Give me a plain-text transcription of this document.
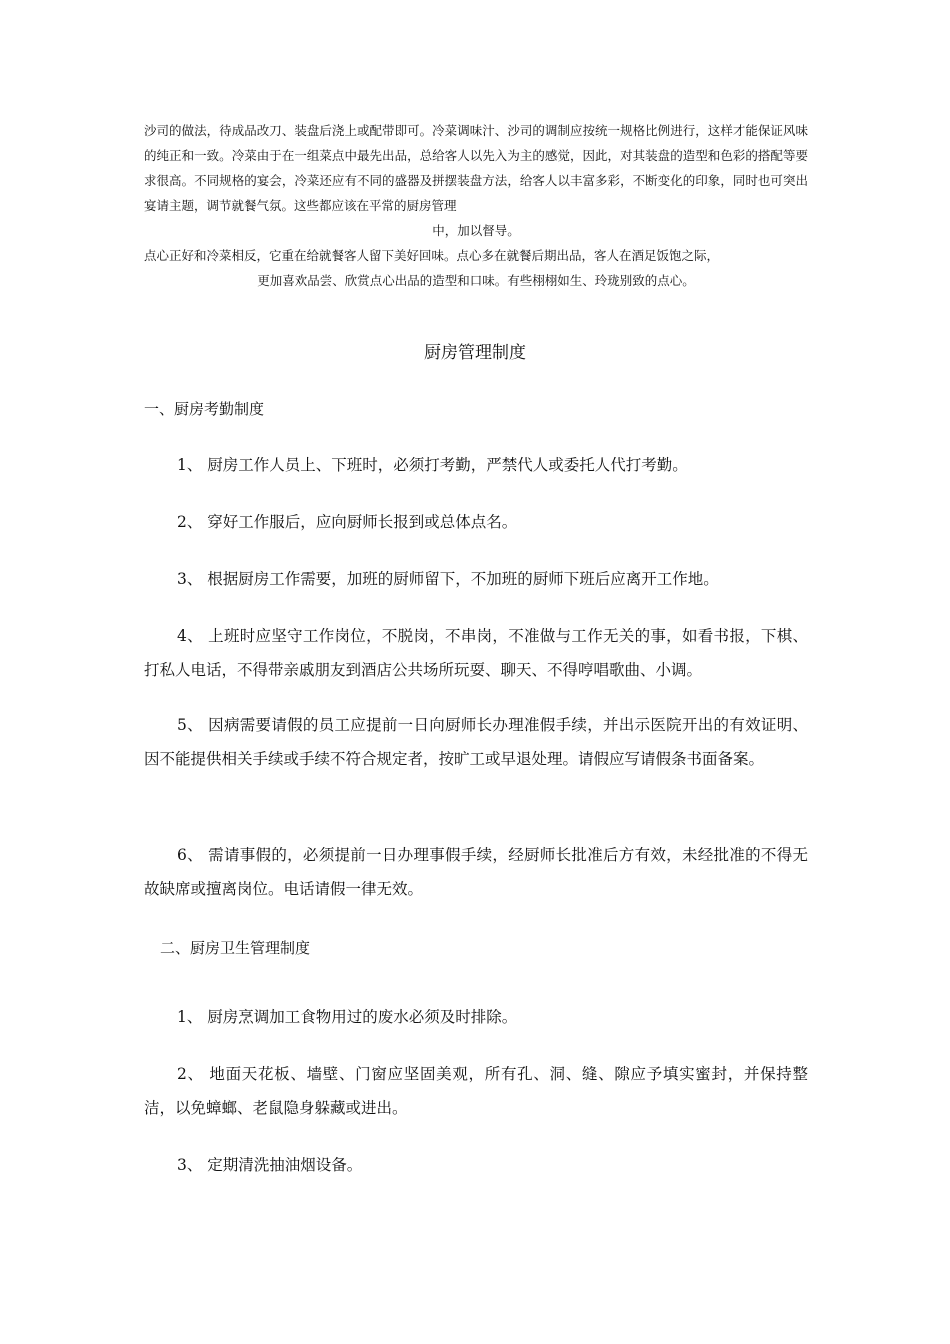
沙司的做法，待成品改刀、装盘后浇上或配带即可。冷菜调味汁、沙司的调制应按统一规格比例进行，这样才能保证风味的纯正和一致。冷菜由于在一组菜点中最先出品，总给客人以先入为主的感觉，因此，对其装盘的造型和色彩的搭配等要求很高。不同规格的宴会，冷菜还应有不同的盛器及拼摆装盘方法，给客人以丰富多彩，不断变化的印象，同时也可突出宴请主题，调节就餐气氛。这些都应该在平常的厨房管理

中，加以督导。

点心正好和冷菜相反，它重在给就餐客人留下美好回味。点心多在就餐后期出品，客人在酒足饭饱之际，

更加喜欢品尝、欣赏点心出品的造型和口味。有些栩栩如生、玲珑别致的点心。

厨房管理制度
一、厨房考勤制度

1、 厨房工作人员上、下班时，必须打考勤，严禁代人或委托人代打考勤。

2、 穿好工作服后，应向厨师长报到或总体点名。

3、 根据厨房工作需要，加班的厨师留下，不加班的厨师下班后应离开工作地。

4、 上班时应坚守工作岗位，不脱岗，不串岗，不准做与工作无关的事，如看书报，下棋、打私人电话，不得带亲戚朋友到酒店公共场所玩耍、聊天、不得哼唱歌曲、小调。

5、 因病需要请假的员工应提前一日向厨师长办理准假手续，并出示医院开出的有效证明、因不能提供相关手续或手续不符合规定者，按旷工或早退处理。请假应写请假条书面备案。

6、 需请事假的，必须提前一日办理事假手续，经厨师长批准后方有效，未经批准的不得无故缺席或擅离岗位。电话请假一律无效。

二、厨房卫生管理制度

1、 厨房烹调加工食物用过的废水必须及时排除。

2、 地面天花板、墙壁、门窗应坚固美观，所有孔、洞、缝、隙应予填实蜜封，并保持整洁，以免蟑螂、老鼠隐身躲藏或进出。

3、 定期清洗抽油烟设备。
